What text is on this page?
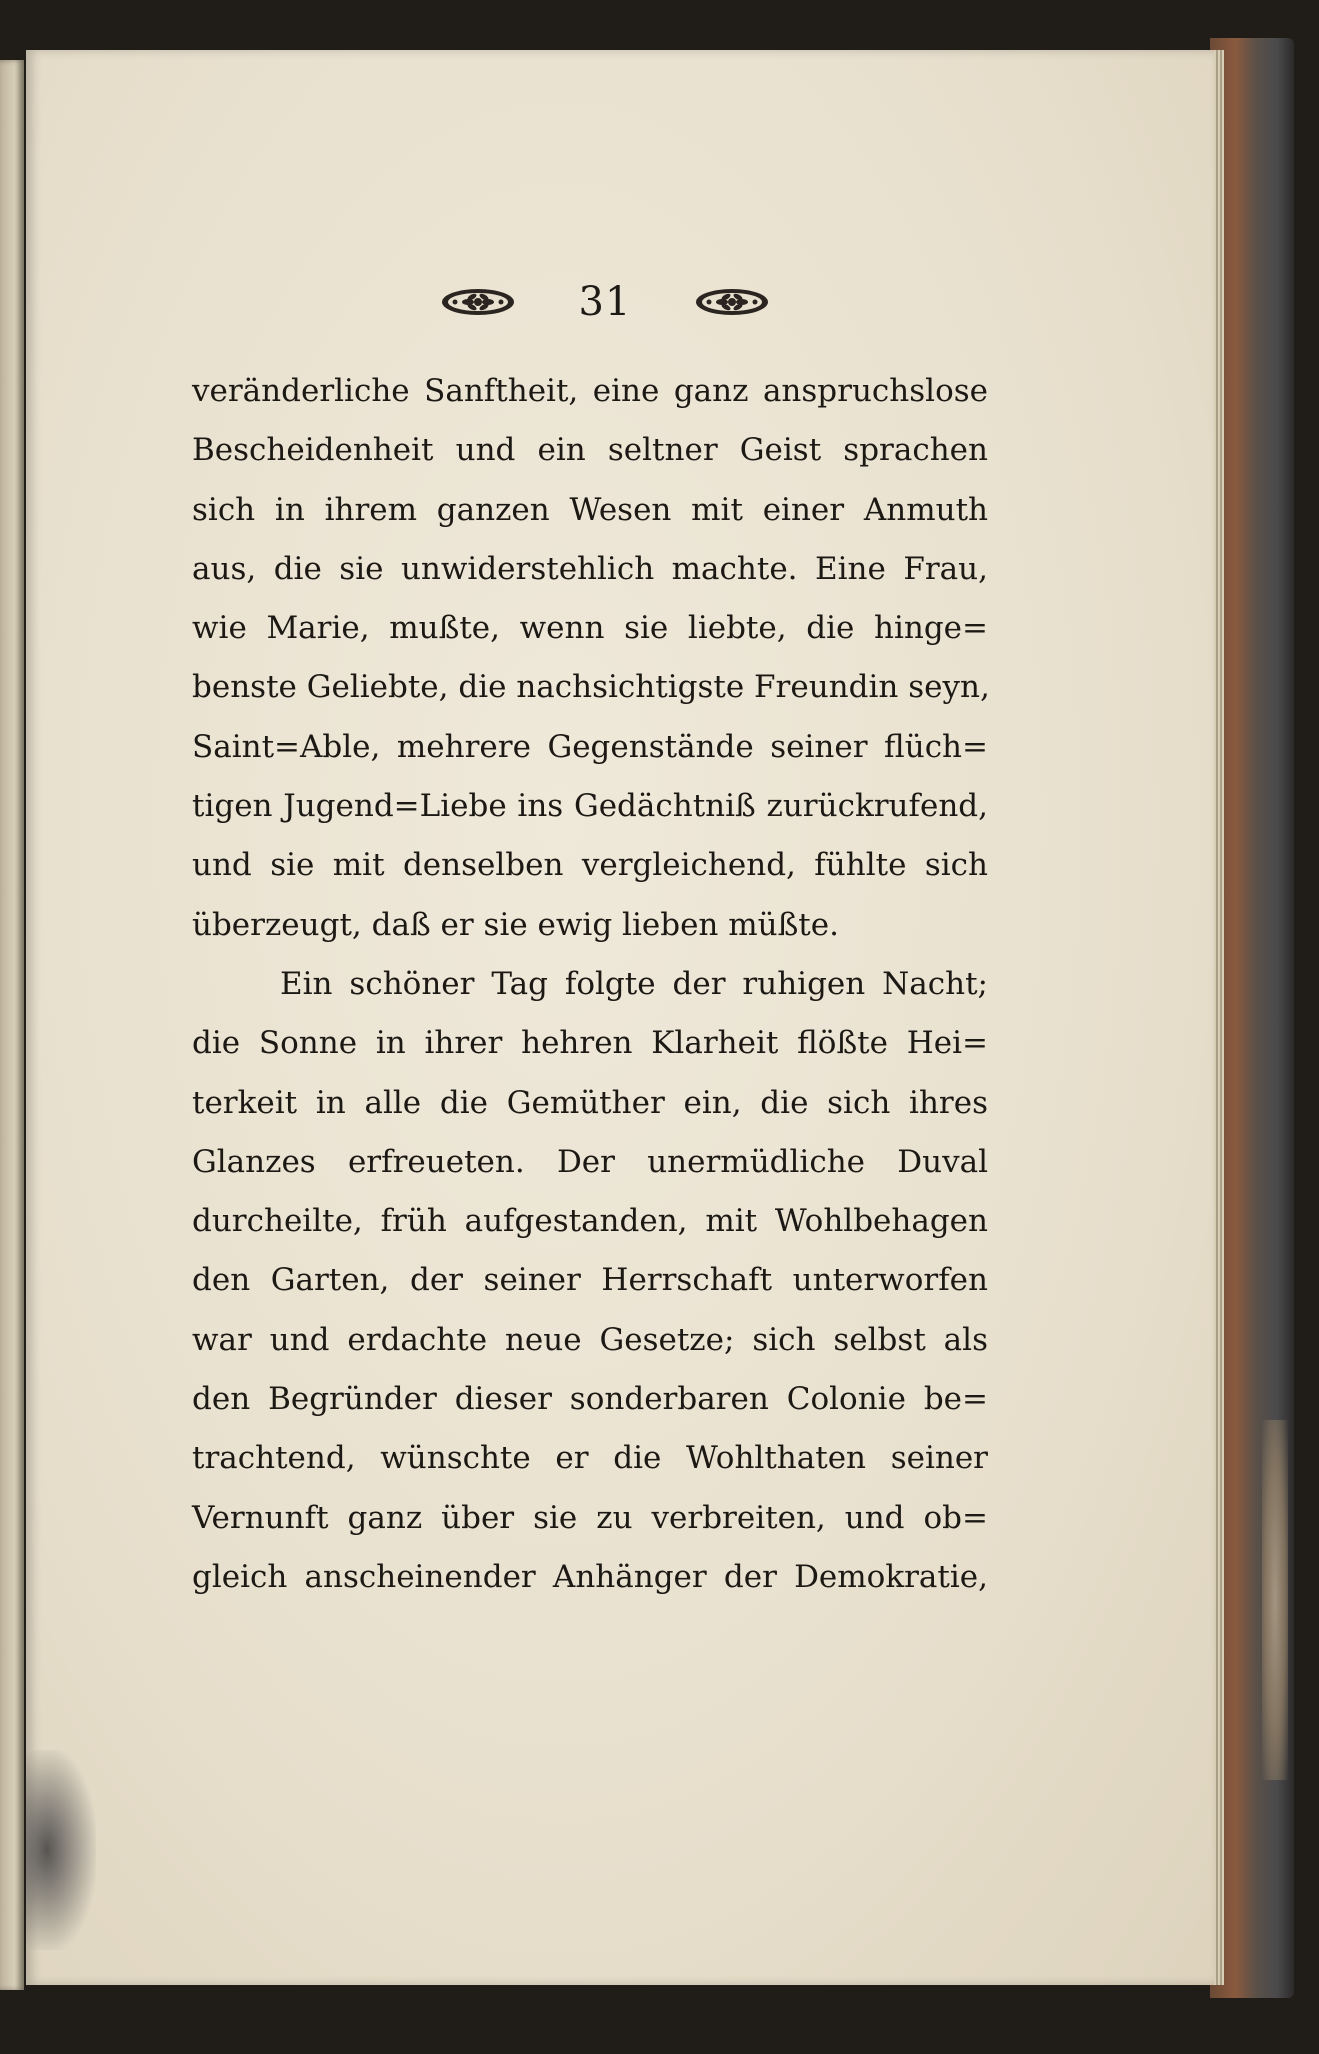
31
veränderliche Sanftheit, eine ganz anspruchslose
Bescheidenheit und ein seltner Geist sprachen
sich in ihrem ganzen Wesen mit einer Anmuth
aus, die sie unwiderstehlich machte. Eine Frau,
wie Marie, mußte, wenn sie liebte, die hinge=
benste Geliebte, die nachsichtigste Freundin seyn,
Saint=Able, mehrere Gegenstände seiner flüch=
tigen Jugend=Liebe ins Gedächtniß zurückrufend,
und sie mit denselben vergleichend, fühlte sich
überzeugt, daß er sie ewig lieben müßte.
Ein schöner Tag folgte der ruhigen Nacht;
die Sonne in ihrer hehren Klarheit flößte Hei=
terkeit in alle die Gemüther ein, die sich ihres
Glanzes erfreueten. Der unermüdliche Duval
durcheilte, früh aufgestanden, mit Wohlbehagen
den Garten, der seiner Herrschaft unterworfen
war und erdachte neue Gesetze; sich selbst als
den Begründer dieser sonderbaren Colonie be=
trachtend, wünschte er die Wohlthaten seiner
Vernunft ganz über sie zu verbreiten, und ob=
gleich anscheinender Anhänger der Demokratie,
